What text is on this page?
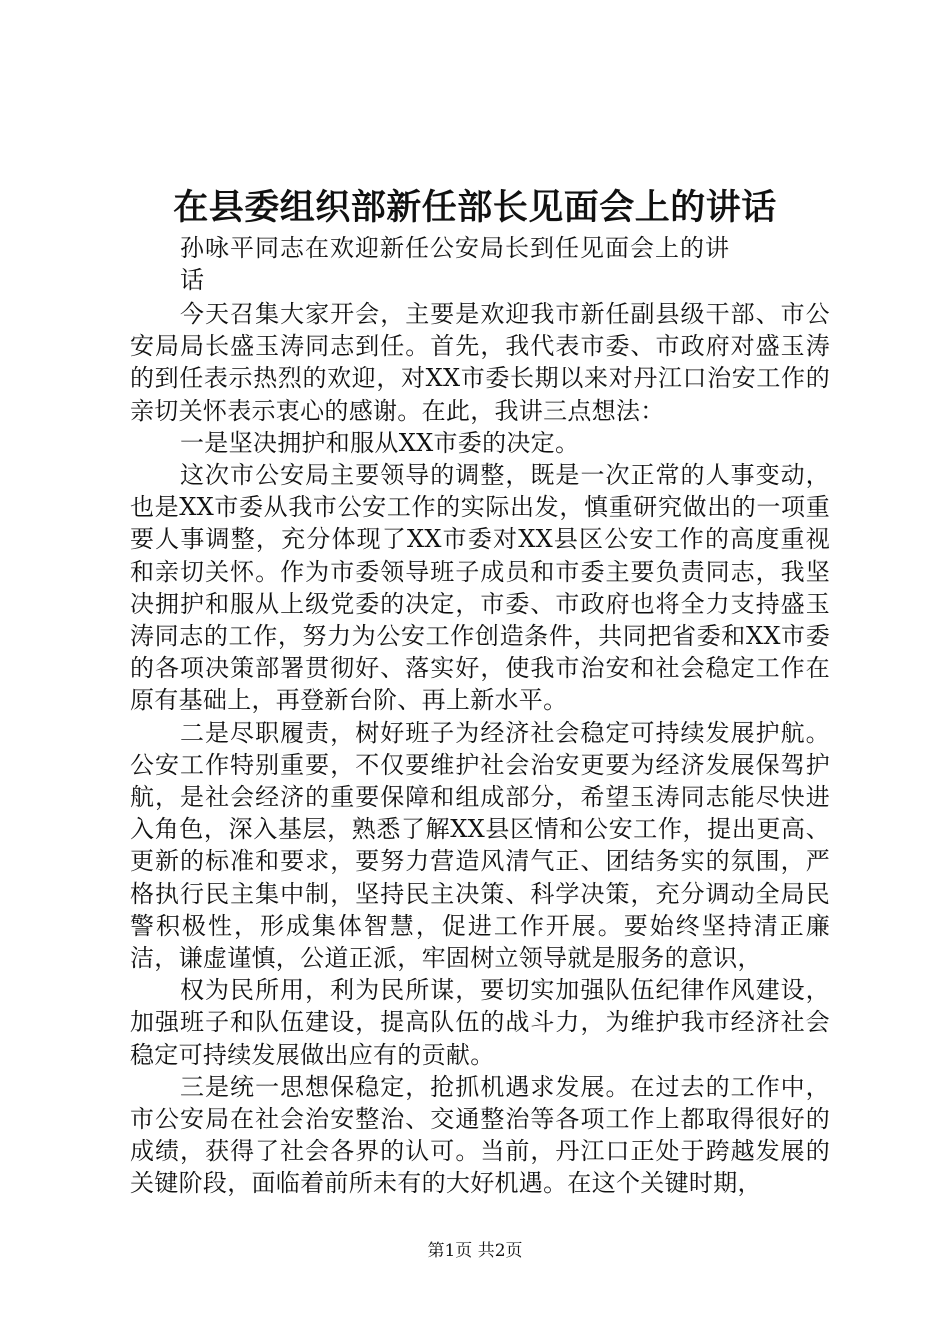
在县委组织部新任部长见面会上的讲话
孙咏平同志在欢迎新任公安局长到任见面会上的讲话

今天召集大家开会，主要是欢迎我市新任副县级干部、市公安局局长盛玉涛同志到任。首先，我代表市委、市政府对盛玉涛的到任表示热烈的欢迎，对XX市委长期以来对丹江口治安工作的亲切关怀表示衷心的感谢。在此，我讲三点想法：

一是坚决拥护和服从XX市委的决定。

这次市公安局主要领导的调整，既是一次正常的人事变动，也是XX市委从我市公安工作的实际出发，慎重研究做出的一项重要人事调整，充分体现了XX市委对XX县区公安工作的高度重视和亲切关怀。作为市委领导班子成员和市委主要负责同志，我坚决拥护和服从上级党委的决定，市委、市政府也将全力支持盛玉涛同志的工作，努力为公安工作创造条件，共同把省委和XX市委的各项决策部署贯彻好、落实好，使我市治安和社会稳定工作在原有基础上，再登新台阶、再上新水平。

二是尽职履责，树好班子为经济社会稳定可持续发展护航。公安工作特别重要，不仅要维护社会治安更要为经济发展保驾护航，是社会经济的重要保障和组成部分，希望玉涛同志能尽快进入角色，深入基层，熟悉了解XX县区情和公安工作，提出更高、更新的标准和要求，要努力营造风清气正、团结务实的氛围，严格执行民主集中制，坚持民主决策、科学决策，充分调动全局民警积极性，形成集体智慧，促进工作开展。要始终坚持清正廉洁，谦虚谨慎，公道正派，牢固树立领导就是服务的意识，

权为民所用，利为民所谋，要切实加强队伍纪律作风建设，加强班子和队伍建设，提高队伍的战斗力，为维护我市经济社会稳定可持续发展做出应有的贡献。

三是统一思想保稳定，抢抓机遇求发展。在过去的工作中，市公安局在社会治安整治、交通整治等各项工作上都取得很好的成绩，获得了社会各界的认可。当前，丹江口正处于跨越发展的关键阶段，面临着前所未有的大好机遇。在这个关键时期，

第1页 共2页
